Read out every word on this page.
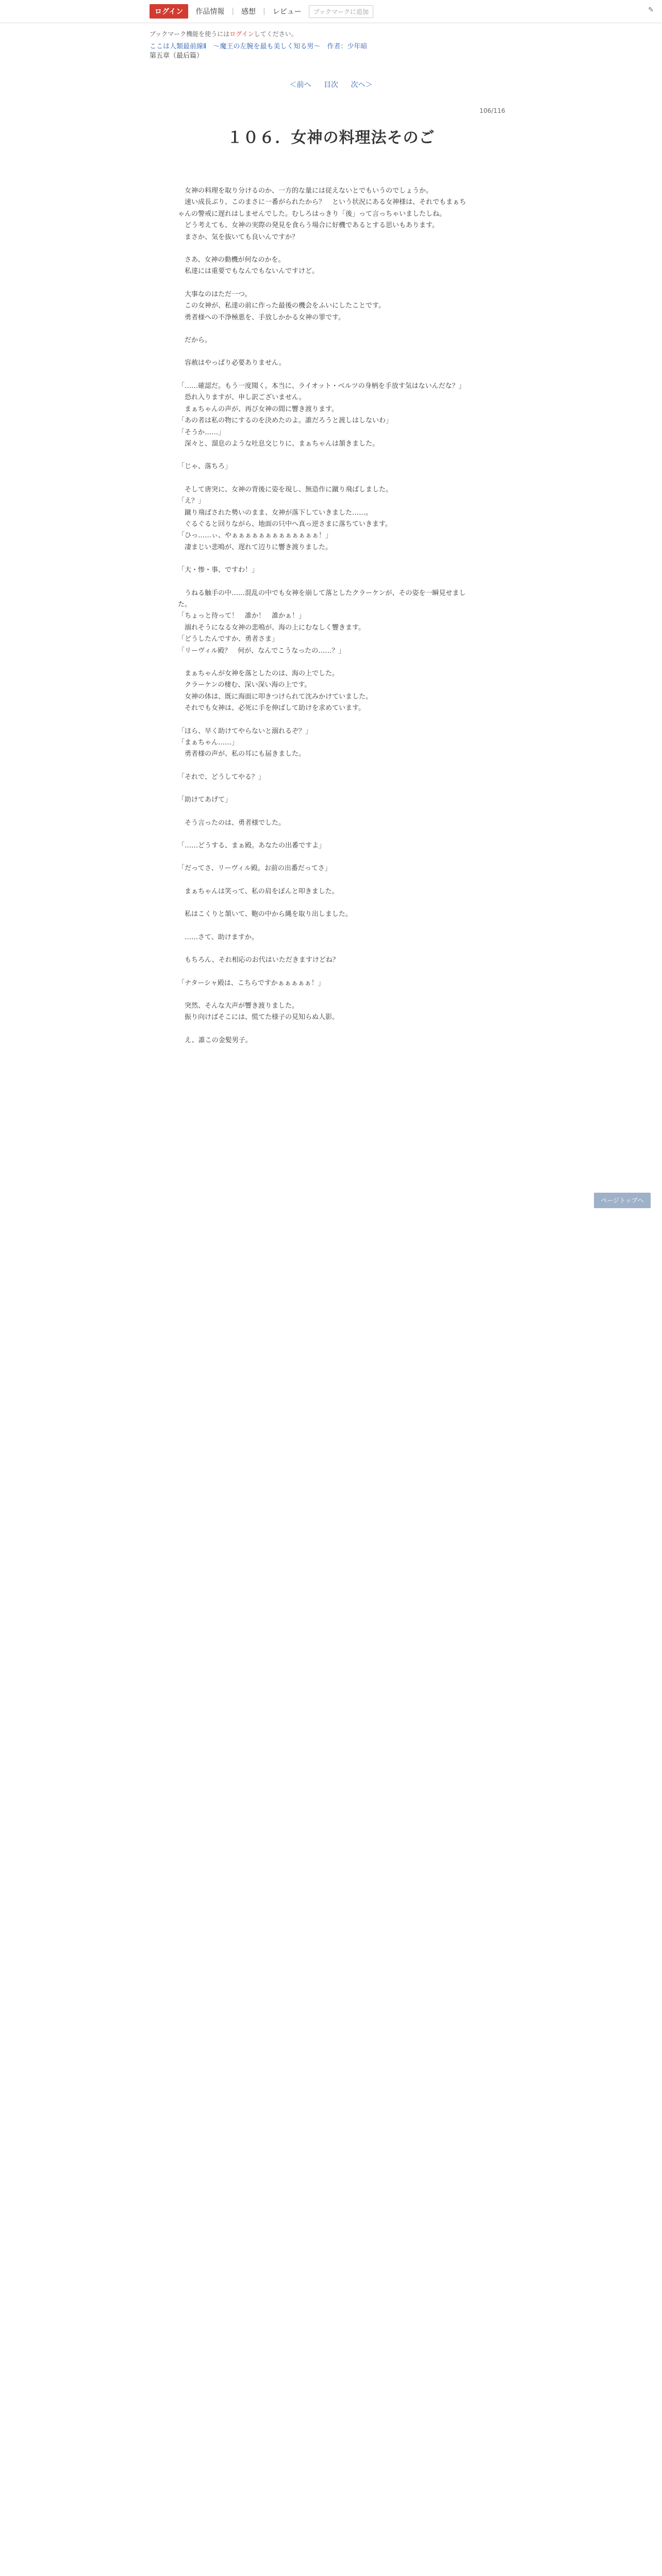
ログイン	作品情報 | 感想 | レビュー	ブックマークに追加	✎
ブックマーク機能を使うにはログインしてください。
ここは人類最前線Ⅱ　～魔王の左腕を最も美しく知る男～　作者：少年暗
第五章（最后篇）
＜前へ 目次 次へ＞
106/116
１０６．女神の料理法そのご
　女神の料理を取り分けるのか、一方的な量には従えないとでもいうのでしょうか。
　速い成長ぶり、このまさに一番がられたから？　という状況にある女神様は、それでもまぁちゃんの警戒に遅れはしませんでした。むしろはっきり「後」って言っちゃいましたしね。
　どう考えても、女神の実際の発見を食らう場合に好機であるとする思いもあります。
　まさか、気を抜いても良いんですか？
　さあ、女神の動機が何なのかを。
　私達には重要でもなんでもないんですけど。
　大事なのはただ一つ。
　この女神が、私達の前に作った最後の機会をふいにしたことです。
　勇者様への不浄極悪を、手放しかかる女神の罪です。
　だから。
　容赦はやっぱり必要ありません。
「……確認だ。もう一度聞く。本当に、ライオット・ベルツの身柄を手放す気はないんだな？」
　恐れ入りますが、申し訳ございません。
　まぁちゃんの声が、再び女神の間に響き渡ります。
「あの者は私の物にするのを決めたのよ。誰だろうと渡しはしないわ」
「そうか……」
　深々と、溜息のような吐息交じりに、まぁちゃんは頷きました。
「じゃ、落ちろ」
　そして唐突に、女神の背後に姿を現し、無造作に蹴り飛ばしました。
「え？」
　蹴り飛ばされた勢いのまま、女神が落下していきました……。
　ぐるぐると回りながら、地面の只中へ真っ逆さまに落ちていきます。
「ひっ……ぃ、やぁぁぁぁぁぁぁぁぁぁぁぁぁ！」
　凄まじい悲鳴が、遅れて辺りに響き渡りました。
「大・惨・事、ですわ！」
　うねる触手の中……混乱の中でも女神を崩して落としたクラーケンが、その姿を一瞬見せました。
「ちょっと待って！　誰か！　誰かぁ！」
　溺れそうになる女神の悲鳴が、海の上にむなしく響きます。
「どうしたんですか、勇者さま」
「リーヴィル殿？　何が、なんでこうなったの……？」
　まぁちゃんが女神を落としたのは、海の上でした。
　クラーケンの棲む、深い深い海の上です。
　女神の体は、既に海面に叩きつけられて沈みかけていました。
　それでも女神は、必死に手を伸ばして助けを求めています。
「ほら、早く助けてやらないと溺れるぞ？」
「まぁちゃん……」
　勇者様の声が、私の耳にも届きました。
「それで、どうしてやる？」
「助けてあげて」
　そう言ったのは、勇者様でした。
「……どうする、まぁ殿。あなたの出番ですよ」
「だってさ、リーヴィル殿。お前の出番だってさ」
　まぁちゃんは笑って、私の肩をぽんと叩きました。
　私はこくりと頷いて、鞄の中から縄を取り出しました。
　……さて、助けますか。
　もちろん、それ相応のお代はいただきますけどね？
「ナターシャ殿は、こちらですかぁぁぁぁぁ！」
　突然、そんな大声が響き渡りました。
　振り向けばそこには、慌てた様子の見知らぬ人影。
　え、誰この金髪男子。
ページトップへ
